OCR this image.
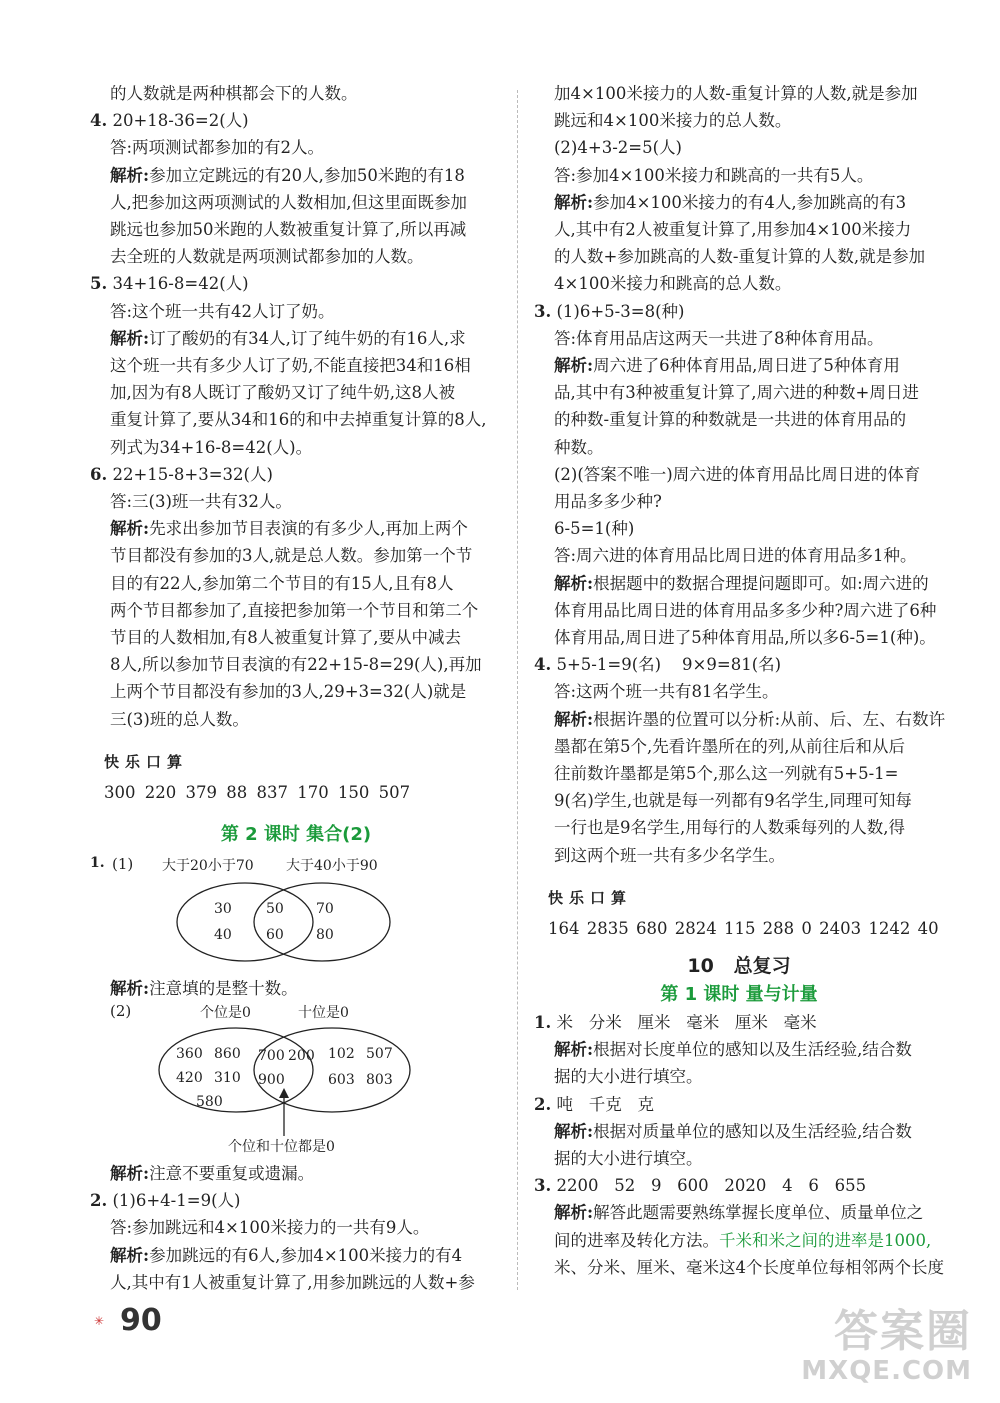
的人数就是两种棋都会下的人数。
4. 20+18-36=2(人)
答:两项测试都参加的有2人。
解析:参加立定跳远的有20人,参加50米跑的有18
人,把参加这两项测试的人数相加,但这里面既参加
跳远也参加50米跑的人数被重复计算了,所以再减
去全班的人数就是两项测试都参加的人数。
5. 34+16-8=42(人)
答:这个班一共有42人订了奶。
解析:订了酸奶的有34人,订了纯牛奶的有16人,求
这个班一共有多少人订了奶,不能直接把34和16相
加,因为有8人既订了酸奶又订了纯牛奶,这8人被
重复计算了,要从34和16的和中去掉重复计算的8人,
列式为34+16-8=42(人)。
6. 22+15-8+3=32(人)
答:三(3)班一共有32人。
解析:先求出参加节目表演的有多少人,再加上两个
节目都没有参加的3人,就是总人数。参加第一个节
目的有22人,参加第二个节目的有15人,且有8人
两个节目都参加了,直接把参加第一个节目和第二个
节目的人数相加,有8人被重复计算了,要从中减去
8人,所以参加节目表演的有22+15-8=29(人),再加
上两个节目都没有参加的3人,29+3=32(人)就是
三(3)班的总人数。
快乐口算
300 220 379 88 837 170 150 507
第 2 课时 集合(2)
1. (1) 大于20小于70 大于40小于90
30
40
50
60
70
80
解析:注意填的是整十数。
(2)	个位是0	十位是0
360 860
420 310
580
700 200
900
102 507
603 803
个位和十位都是0
解析:注意不要重复或遗漏。
2. (1)6+4-1=9(人)
答:参加跳远和4×100米接力的一共有9人。
解析:参加跳远的有6人,参加4×100米接力的有4
人,其中有1人被重复计算了,用参加跳远的人数+参
加4×100米接力的人数-重复计算的人数,就是参加
跳远和4×100米接力的总人数。
(2)4+3-2=5(人)
答:参加4×100米接力和跳高的一共有5人。
解析:参加4×100米接力的有4人,参加跳高的有3
人,其中有2人被重复计算了,用参加4×100米接力
的人数+参加跳高的人数-重复计算的人数,就是参加
4×100米接力和跳高的总人数。
3. (1)6+5-3=8(种)
答:体育用品店这两天一共进了8种体育用品。
解析:周六进了6种体育用品,周日进了5种体育用
品,其中有3种被重复计算了,周六进的种数+周日进
的种数-重复计算的种数就是一共进的体育用品的
种数。
(2)(答案不唯一)周六进的体育用品比周日进的体育
用品多多少种?
6-5=1(种)
答:周六进的体育用品比周日进的体育用品多1种。
解析:根据题中的数据合理提问题即可。如:周六进的
体育用品比周日进的体育用品多多少种?周六进了6种
体育用品,周日进了5种体育用品,所以多6-5=1(种)。
4. 5+5-1=9(名)    9×9=81(名)
答:这两个班一共有81名学生。
解析:根据许墨的位置可以分析:从前、后、左、右数许
墨都在第5个,先看许墨所在的列,从前往后和从后
往前数许墨都是第5个,那么这一列就有5+5-1=
9(名)学生,也就是每一列都有9名学生,同理可知每
一行也是9名学生,用每行的人数乘每列的人数,得
到这两个班一共有多少名学生。
快乐口算
164 2835 680 2824 115 288 0 2403 1242 40
10   总复习
第 1 课时 量与计量
1. 米   分米   厘米   毫米   厘米   毫米
解析:根据对长度单位的感知以及生活经验,结合数
据的大小进行填空。
2. 吨   千克   克
解析:根据对质量单位的感知以及生活经验,结合数
据的大小进行填空。
3. 2200   52   9   600   2020   4   6   655
解析:解答此题需要熟练掌握长度单位、质量单位之
间的进率及转化方法。千米和米之间的进率是1000,
米、分米、厘米、毫米这4个长度单位每相邻两个长度
✳ 90	答案圈
MXQE.COM
